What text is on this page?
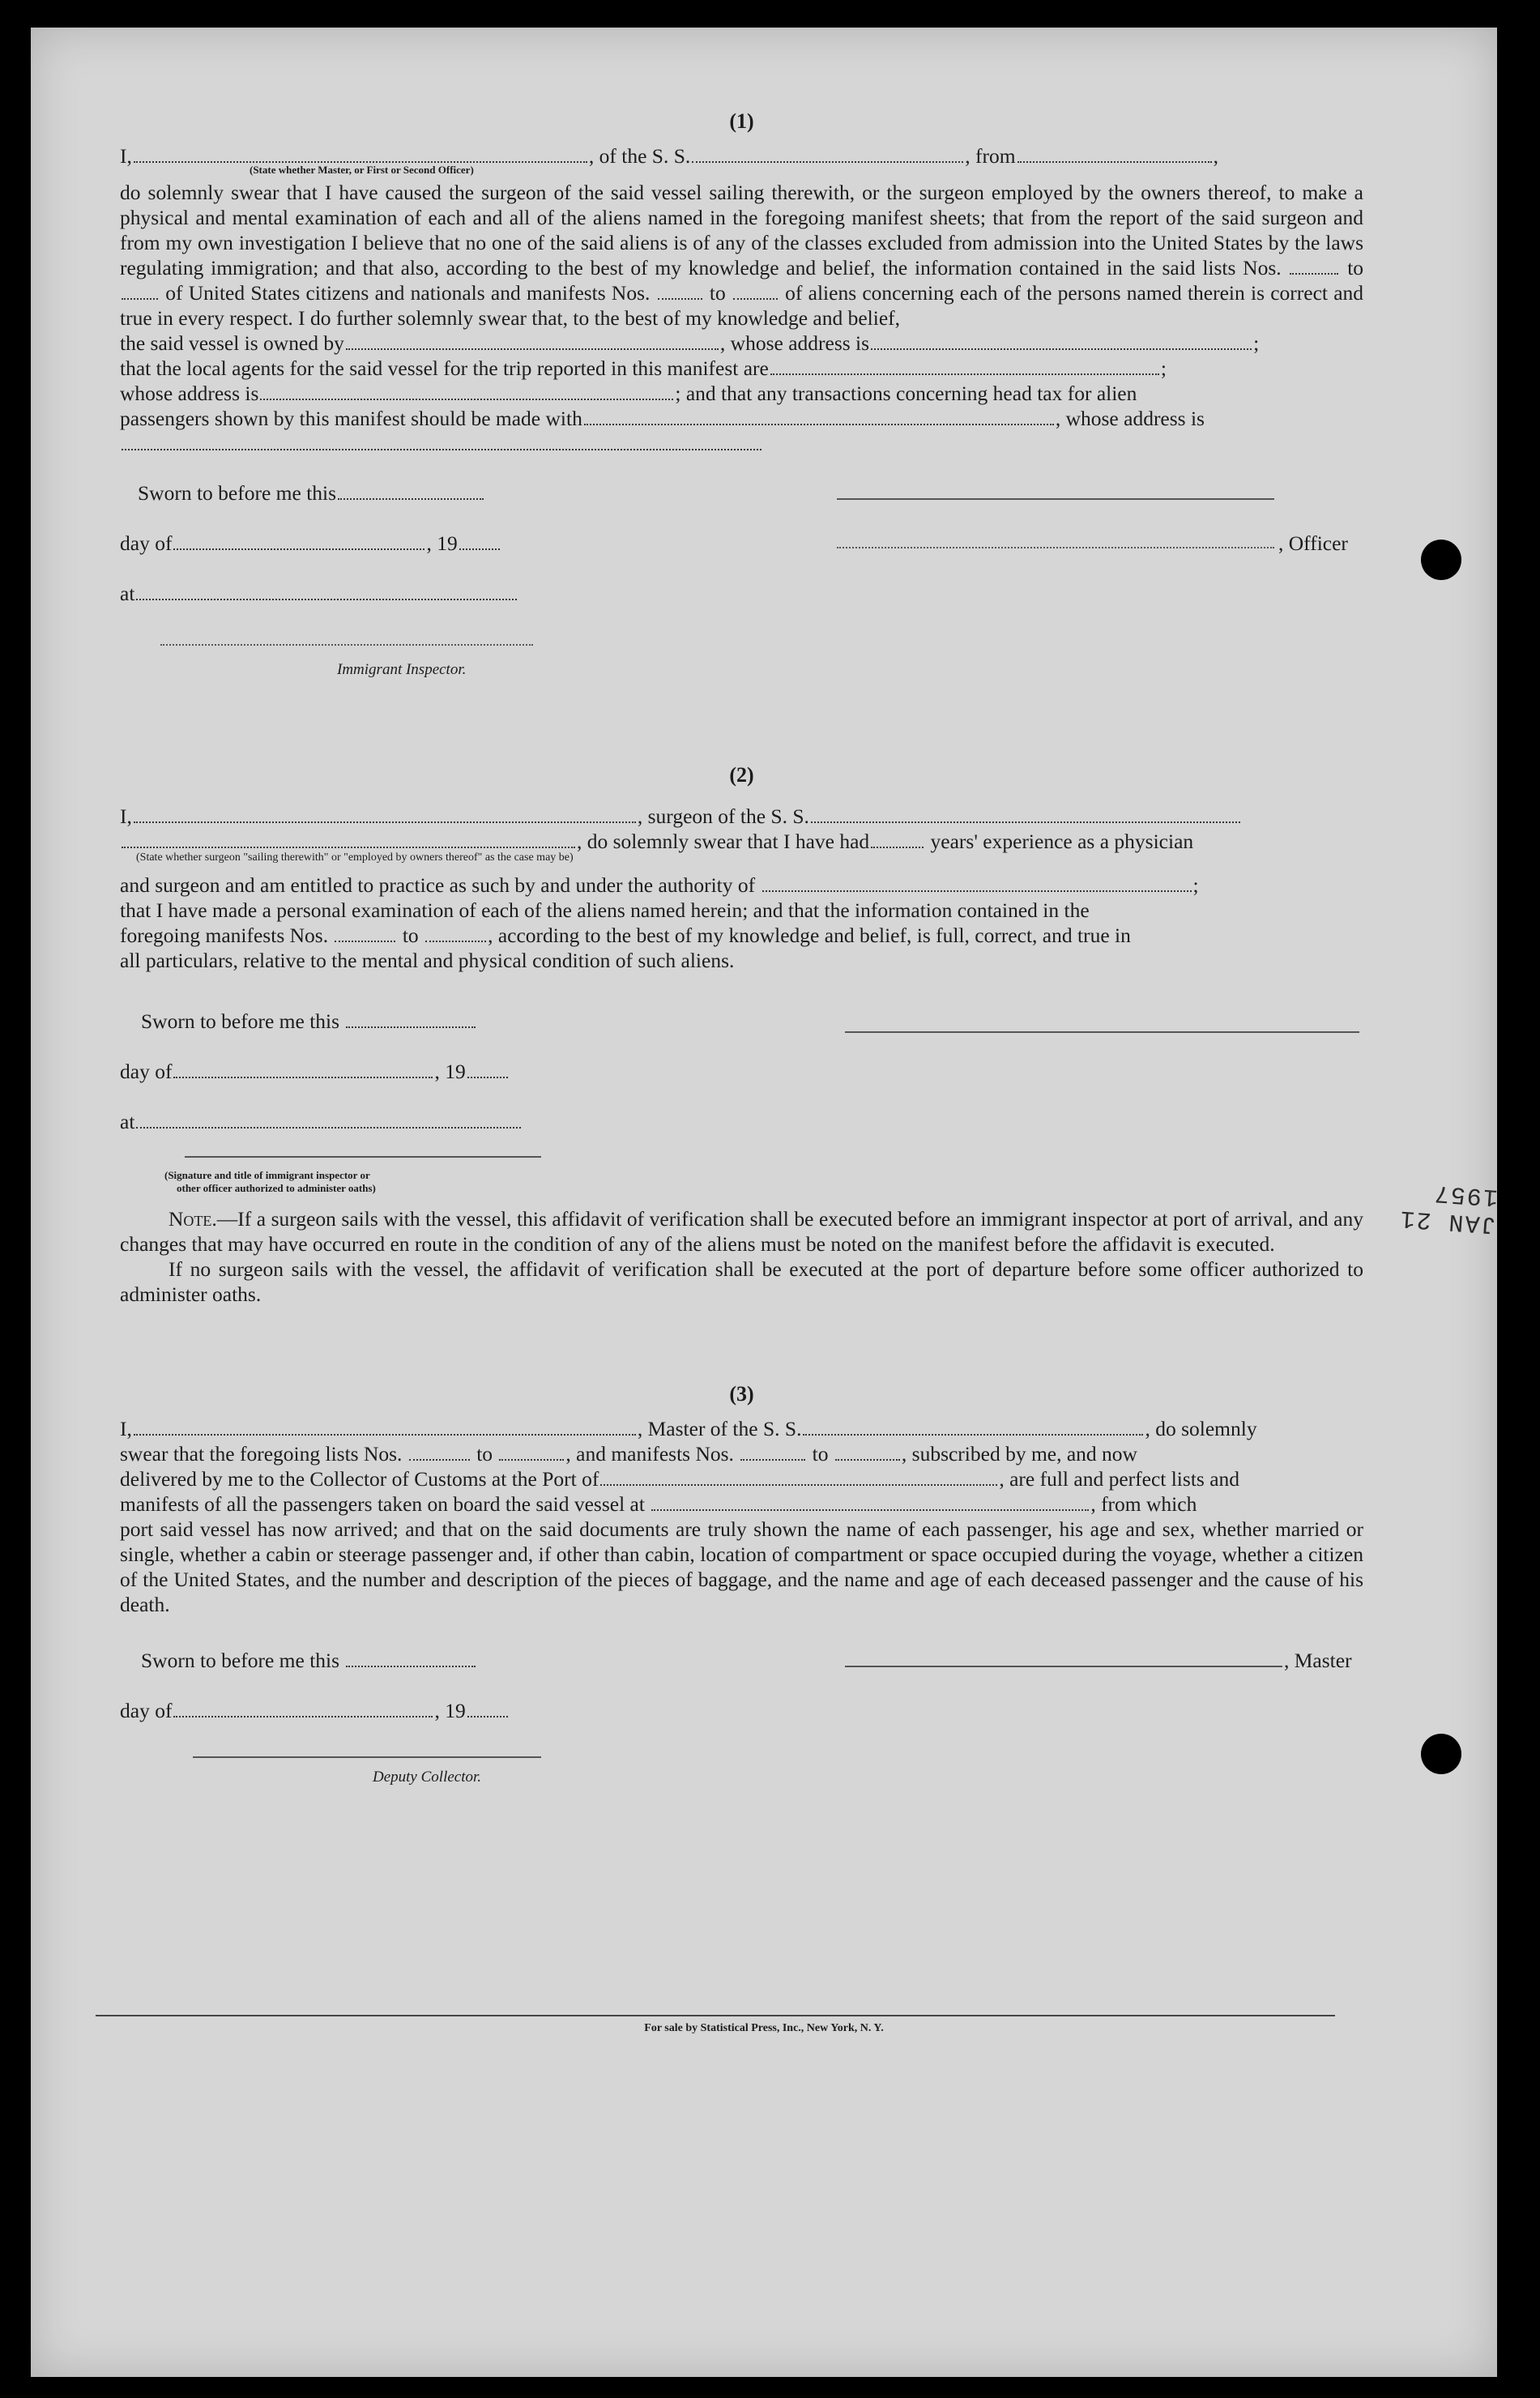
JAN 21 1957
(1)
I,	, of the S. S.	, from	,
(State whether Master, or First or Second Officer)
do solemnly swear that I have caused the surgeon of the said vessel sailing therewith, or the surgeon employed by the owners thereof, to make a physical and mental examination of each and all of the aliens named in the foregoing manifest sheets; that from the report of the said surgeon and from my own investigation I believe that no one of the said aliens is of any of the classes excluded from admission into the United States by the laws regulating immigration; and that also, according to the best of my knowledge and belief, the information contained in the said lists Nos.	to  of United States citizens and nationals and manifests Nos.	to	of aliens concerning each of the persons named therein is correct and true in every respect. I do further solemnly swear that, to the best of my knowledge and belief,
the said vessel is owned by	, whose address is	;
that the local agents for the said vessel for the trip reported in this manifest are	;
whose address is	; and that any transactions concerning head tax for alien
passengers shown by this manifest should be made with	, whose address is
Sworn to before me this
day of	, 19
at
Immigrant Inspector.
, Officer
(2)
I,	, surgeon of the S. S.
, do solemnly swear that I have had	years' experience as a physician
(State whether surgeon "sailing therewith" or "employed by owners thereof" as the case may be)
and surgeon and am entitled to practice as such by and under the authority of	;
that I have made a personal examination of each of the aliens named herein; and that the information contained in the
foregoing manifests Nos.	to	, according to the best of my knowledge and belief, is full, correct, and true in
all particulars, relative to the mental and physical condition of such aliens.
Sworn to before me this
day of	, 19
at
(Signature and title of immigrant inspector or
other officer authorized to administer oaths)
Note.—If a surgeon sails with the vessel, this affidavit of verification shall be executed before an immigrant inspector at port of arrival, and any changes that may have occurred en route in the condition of any of the aliens must be noted on the manifest before the affidavit is executed.
If no surgeon sails with the vessel, the affidavit of verification shall be executed at the port of departure before some officer authorized to administer oaths.
(3)
I,	, Master of the S. S.	, do solemnly
swear that the foregoing lists Nos.	to	, and manifests Nos.	to	, subscribed by me, and now
delivered by me to the Collector of Customs at the Port of	, are full and perfect lists and
manifests of all the passengers taken on board the said vessel at	, from which
port said vessel has now arrived; and that on the said documents are truly shown the name of each passenger, his age and sex, whether married or single, whether a cabin or steerage passenger and, if other than cabin, location of compartment or space occupied during the voyage, whether a citizen of the United States, and the number and description of the pieces of baggage, and the name and age of each deceased passenger and the cause of his death.
Sworn to before me this	, Master
day of	, 19
Deputy Collector.
For sale by Statistical Press, Inc., New York, N. Y.
